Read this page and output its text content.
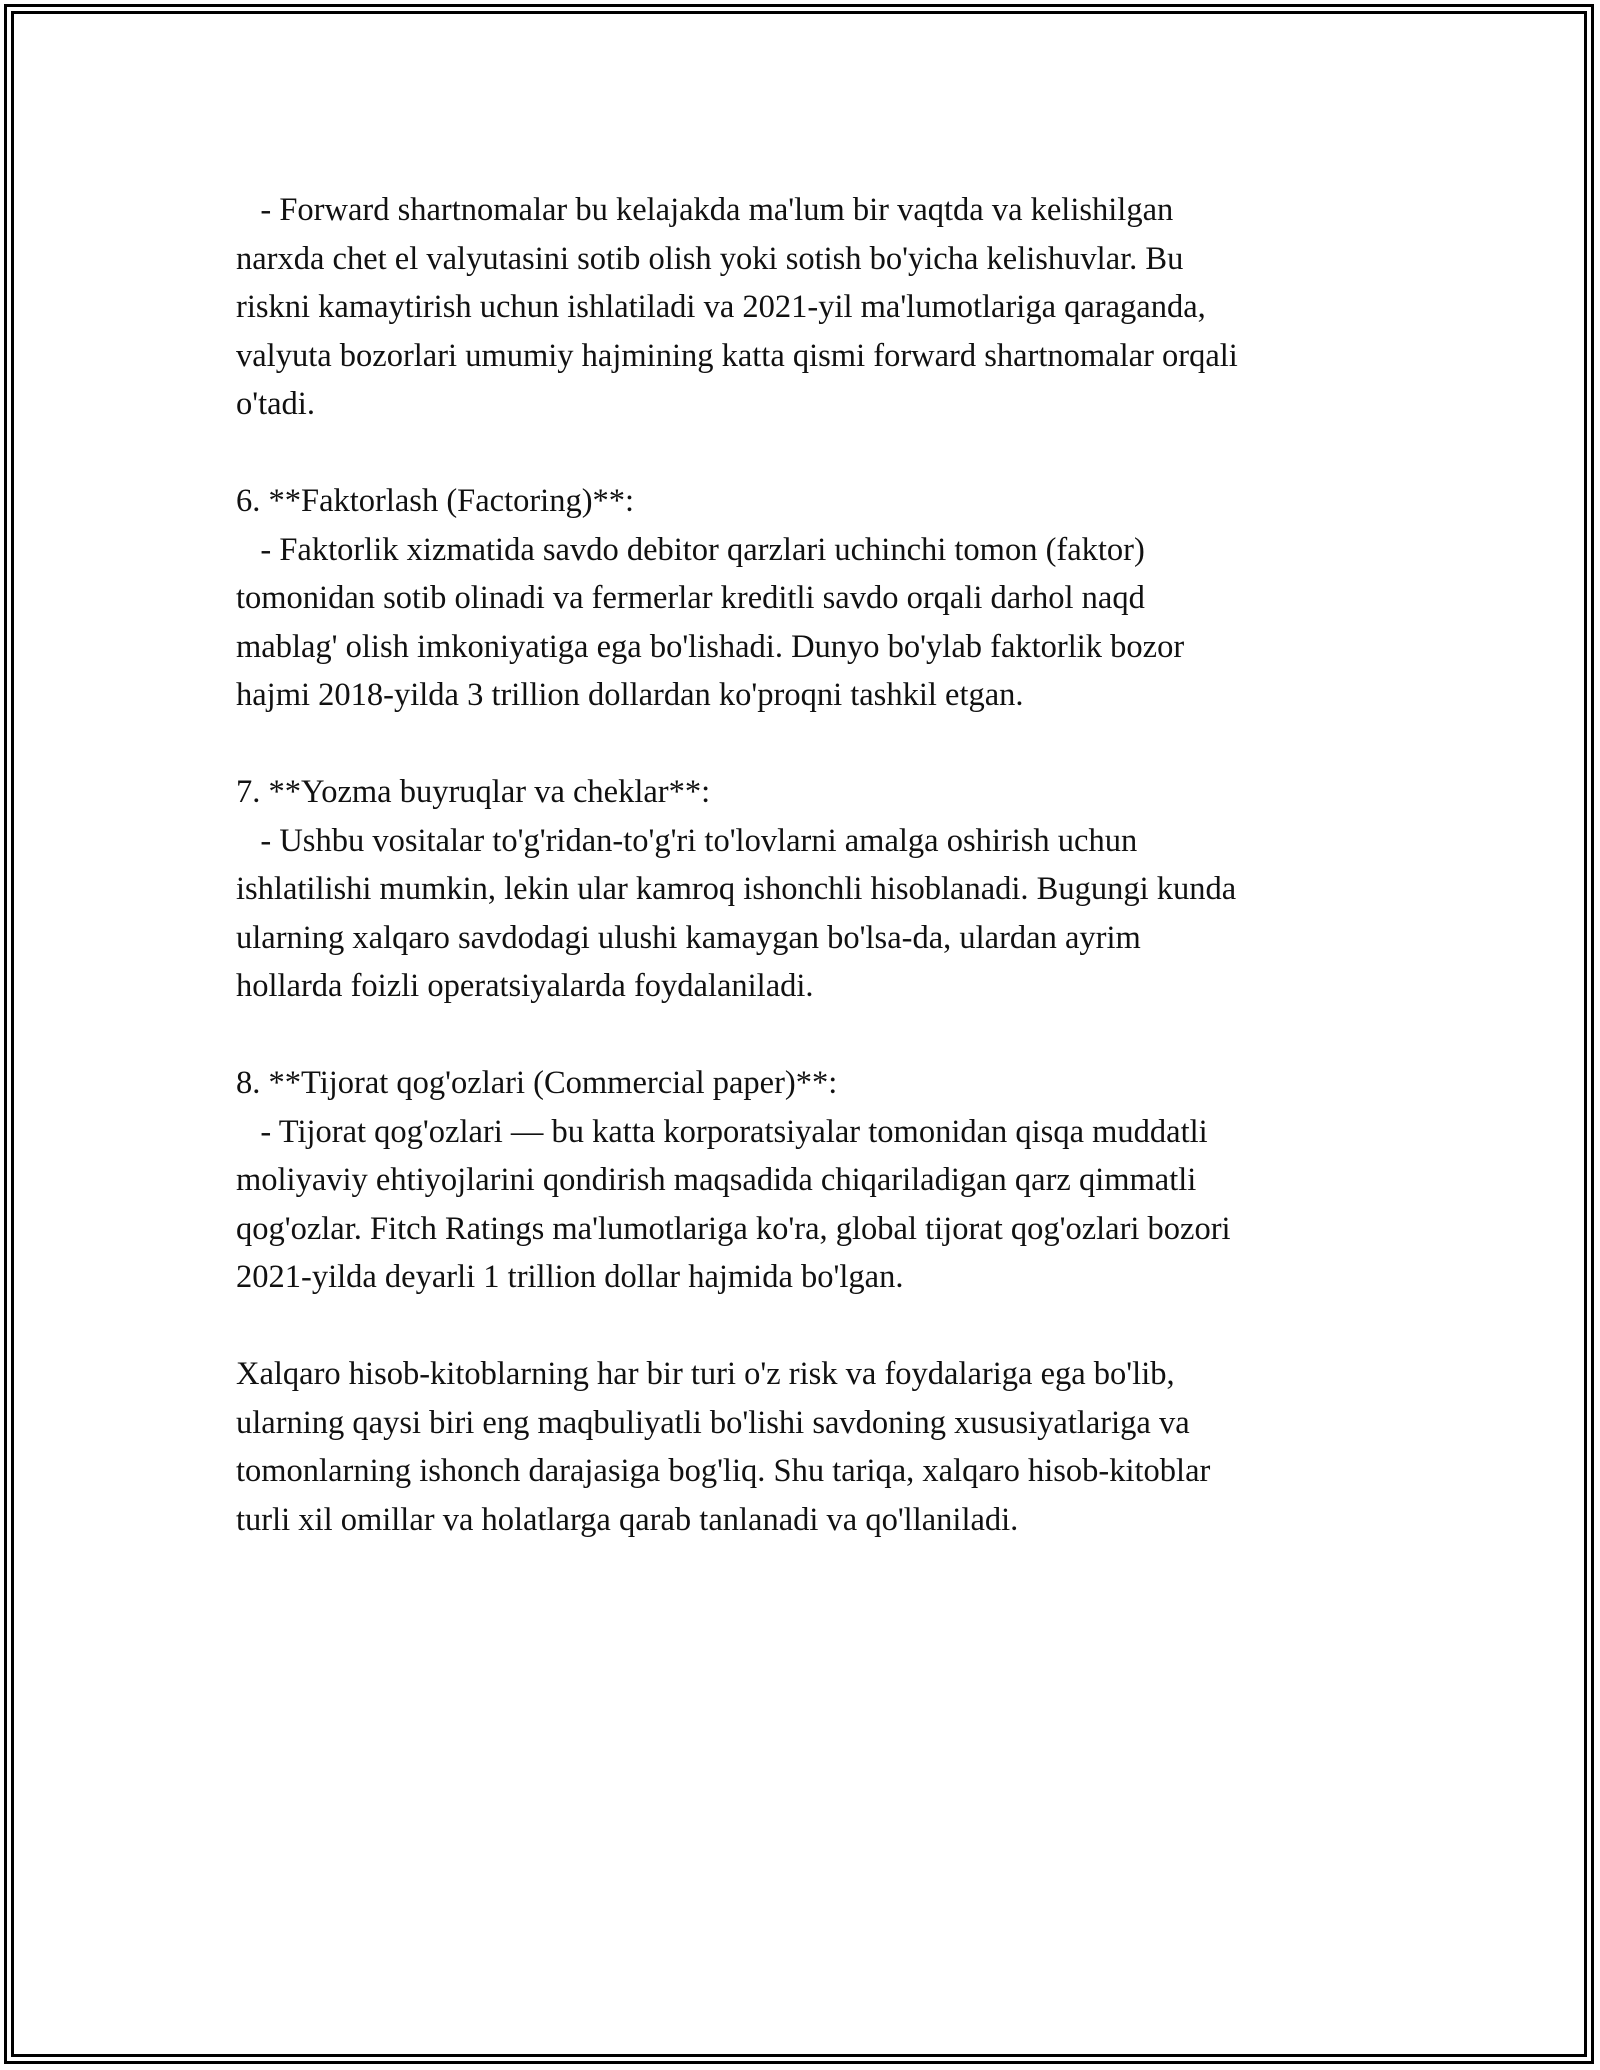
- Forward shartnomalar bu kelajakda ma'lum bir vaqtda va kelishilgan
narxda chet el valyutasini sotib olish yoki sotish bo'yicha kelishuvlar. Bu
riskni kamaytirish uchun ishlatiladi va 2021-yil ma'lumotlariga qaraganda,
valyuta bozorlari umumiy hajmining katta qismi forward shartnomalar orqali
o'tadi.
6. **Faktorlash (Factoring)**:
- Faktorlik xizmatida savdo debitor qarzlari uchinchi tomon (faktor)
tomonidan sotib olinadi va fermerlar kreditli savdo orqali darhol naqd
mablag' olish imkoniyatiga ega bo'lishadi. Dunyo bo'ylab faktorlik bozor
hajmi 2018-yilda 3 trillion dollardan ko'proqni tashkil etgan.
7. **Yozma buyruqlar va cheklar**:
- Ushbu vositalar to'g'ridan-to'g'ri to'lovlarni amalga oshirish uchun
ishlatilishi mumkin, lekin ular kamroq ishonchli hisoblanadi. Bugungi kunda
ularning xalqaro savdodagi ulushi kamaygan bo'lsa-da, ulardan ayrim
hollarda foizli operatsiyalarda foydalaniladi.
8. **Tijorat qog'ozlari (Commercial paper)**:
- Tijorat qog'ozlari — bu katta korporatsiyalar tomonidan qisqa muddatli
moliyaviy ehtiyojlarini qondirish maqsadida chiqariladigan qarz qimmatli
qog'ozlar. Fitch Ratings ma'lumotlariga ko'ra, global tijorat qog'ozlari bozori
2021-yilda deyarli 1 trillion dollar hajmida bo'lgan.
Xalqaro hisob-kitoblarning har bir turi o'z risk va foydalariga ega bo'lib,
ularning qaysi biri eng maqbuliyatli bo'lishi savdoning xususiyatlariga va
tomonlarning ishonch darajasiga bog'liq. Shu tariqa, xalqaro hisob-kitoblar
turli xil omillar va holatlarga qarab tanlanadi va qo'llaniladi.
